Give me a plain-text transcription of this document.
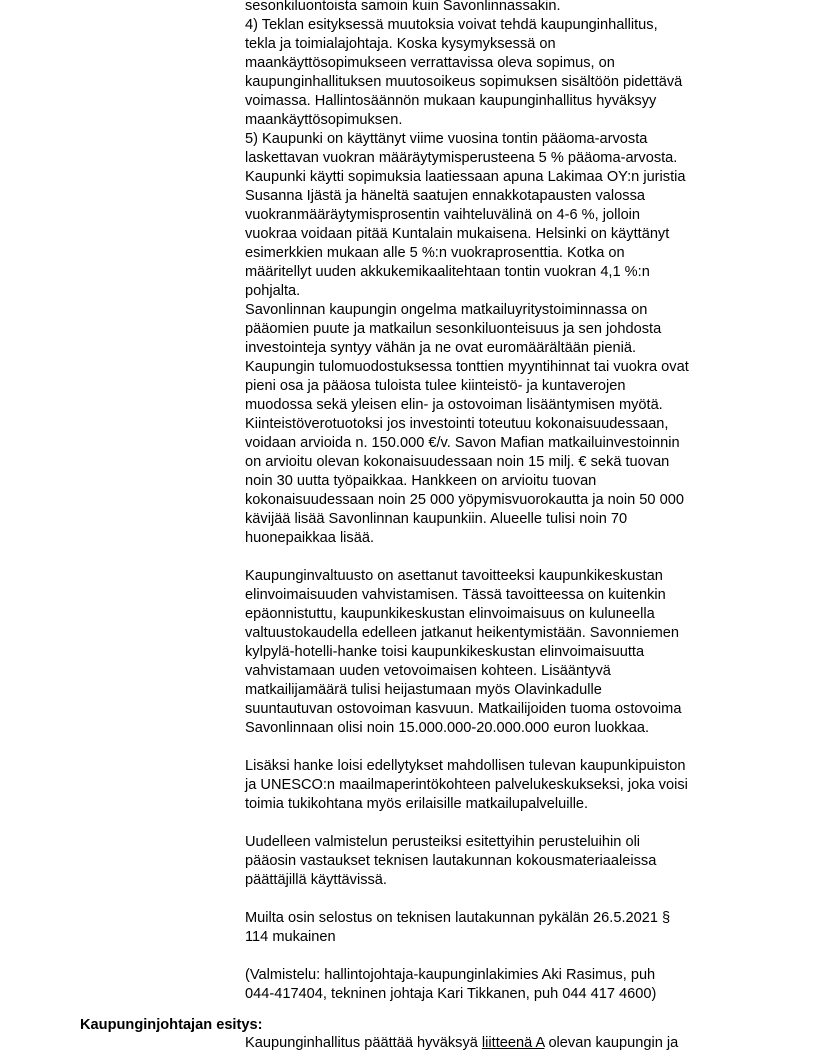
sesonkiluontoista samoin kuin Savonlinnassakin.
4) Teklan esityksessä muutoksia voivat tehdä kaupunginhallitus,
tekla ja toimialajohtaja. Koska kysymyksessä on
maankäyttösopimukseen verrattavissa oleva sopimus, on
kaupunginhallituksen muutosoikeus sopimuksen sisältöön pidettävä
voimassa. Hallintosäännön mukaan kaupunginhallitus hyväksyy
maankäyttösopimuksen.
5) Kaupunki on käyttänyt viime vuosina tontin pääoma-arvosta
laskettavan vuokran määräytymisperusteena 5 % pääoma-arvosta.
Kaupunki käytti sopimuksia laatiessaan apuna Lakimaa OY:n juristia
Susanna Ijästä ja häneltä saatujen ennakkotapausten valossa
vuokranmääräytymisprosentin vaihteluvälinä on 4-6 %, jolloin
vuokraa voidaan pitää Kuntalain mukaisena. Helsinki on käyttänyt
esimerkkien mukaan alle 5 %:n vuokraprosenttia. Kotka on
määritellyt uuden akkukemikaalitehtaan tontin vuokran 4,1 %:n
pohjalta.
Savonlinnan kaupungin ongelma matkailuyritystoiminnassa on
pääomien puute ja matkailun sesonkiluonteisuus ja sen johdosta
investointeja syntyy vähän ja ne ovat euromäärältään pieniä.
Kaupungin tulomuodostuksessa tonttien myyntihinnat tai vuokra ovat
pieni osa ja pääosa tuloista tulee kiinteistö- ja kuntaverojen
muodossa sekä yleisen elin- ja ostovoiman lisääntymisen myötä.
Kiinteistöverotuotoksi jos investointi toteutuu kokonaisuudessaan,
voidaan arvioida n. 150.000 €/v. Savon Mafian matkailuinvestoinnin
on arvioitu olevan kokonaisuudessaan noin 15 milj. € sekä tuovan
noin 30 uutta työpaikkaa. Hankkeen on arvioitu tuovan
kokonaisuudessaan noin 25 000 yöpymisvuorokautta ja noin 50 000
kävijää lisää Savonlinnan kaupunkiin. Alueelle tulisi noin 70
huonepaikkaa lisää.
Kaupunginvaltuusto on asettanut tavoitteeksi kaupunkikeskustan
elinvoimaisuuden vahvistamisen. Tässä tavoitteessa on kuitenkin
epäonnistuttu, kaupunkikeskustan elinvoimaisuus on kuluneella
valtuustokaudella edelleen jatkanut heikentymistään. Savonniemen
kylpylä-hotelli-hanke toisi kaupunkikeskustan elinvoimaisuutta
vahvistamaan uuden vetovoimaisen kohteen. Lisääntyvä
matkailijamäärä tulisi heijastumaan myös Olavinkadulle
suuntautuvan ostovoiman kasvuun. Matkailijoiden tuoma ostovoima
Savonlinnaan olisi noin 15.000.000-20.000.000 euron luokkaa.
Lisäksi hanke loisi edellytykset mahdollisen tulevan kaupunkipuiston
ja UNESCO:n maailmaperintökohteen palvelukeskukseksi, joka voisi
toimia tukikohtana myös erilaisille matkailupalveluille.
Uudelleen valmistelun perusteiksi esitettyihin perusteluihin oli
pääosin vastaukset teknisen lautakunnan kokousmateriaaleissa
päättäjillä käyttävissä.
Muilta osin selostus on teknisen lautakunnan pykälän 26.5.2021 §
114 mukainen
(Valmistelu: hallintojohtaja-kaupunginlakimies Aki Rasimus, puh
044-417404, tekninen johtaja Kari Tikkanen, puh 044 417 4600)
Kaupunginjohtajan esitys:
Kaupunginhallitus päättää hyväksyä liitteenä A olevan kaupungin ja
